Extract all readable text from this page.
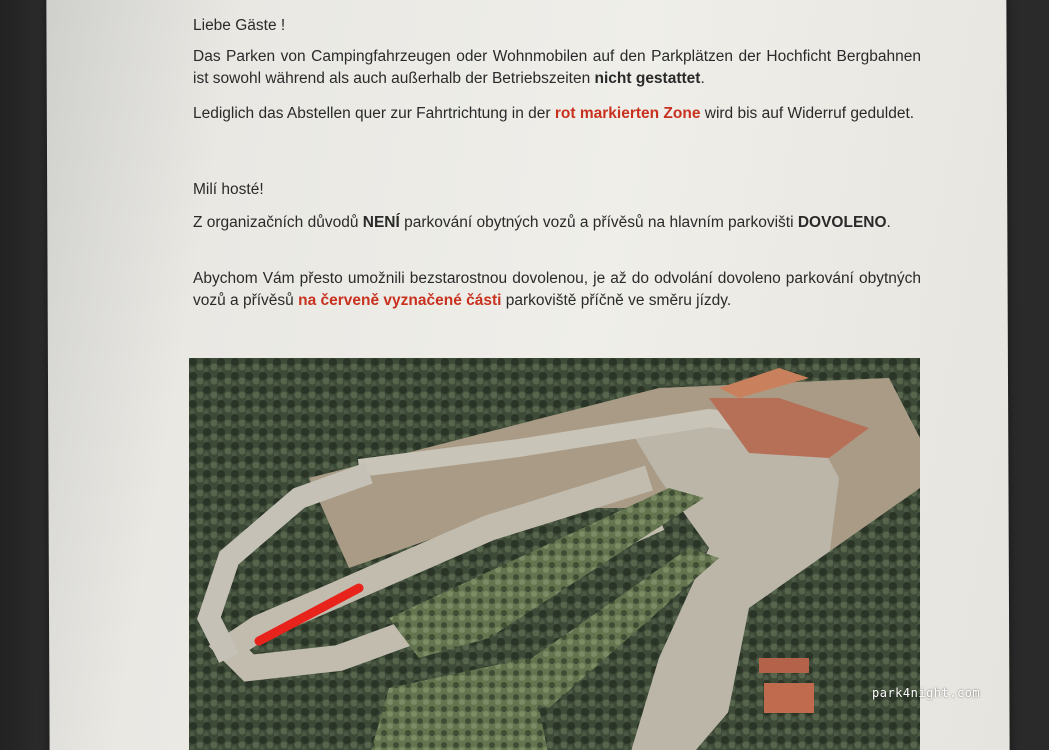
Liebe Gäste !

Das Parken von Campingfahrzeugen oder Wohnmobilen auf den Parkplätzen der Hochficht Bergbahnen ist sowohl während als auch außerhalb der Betriebszeiten nicht gestattet.

Lediglich das Abstellen quer zur Fahrtrichtung in der rot markierten Zone wird bis auf Widerruf geduldet.

Milí hosté!

Z organizačních důvodů NENÍ parkování obytných vozů a přívěsů na hlavním parkovišti DOVOLENO.

Abychom Vám přesto umožnili bezstarostnou dovolenou, je až do odvolání dovoleno parkování obytných vozů a přívěsů na červeně vyznačené části parkoviště příčně ve směru jízdy.

park4night.com
